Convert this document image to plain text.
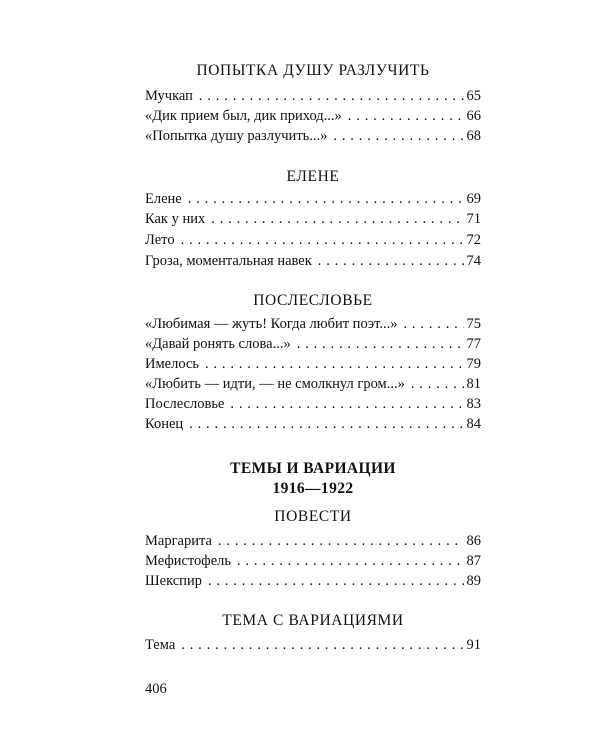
ПОПЫТКА ДУШУ РАЗЛУЧИТЬ
Мучкап . . .	65
«Дик прием был, дик приход...» . . .	66
«Попытка душу разлучить...» . . .	68
ЕЛЕНЕ
Елене . . .	69
Как у них . . .	71
Лето . . .	72
Гроза, моментальная навек . . .	74
ПОСЛЕСЛОВЬЕ
«Любимая — жуть! Когда любит поэт...» . . .	75
«Давай ронять слова...» . . .	77
Имелось . . .	79
«Любить — идти, — не смолкнул гром...» . . .	81
Послесловье . . .	83
Конец . . .	84
ТЕМЫ И ВАРИАЦИИ
1916—1922
ПОВЕСТИ
Маргарита . . .	86
Мефистофель . . .	87
Шекспир . . .	89
ТЕМА С ВАРИАЦИЯМИ
Тема . . .	91
406
